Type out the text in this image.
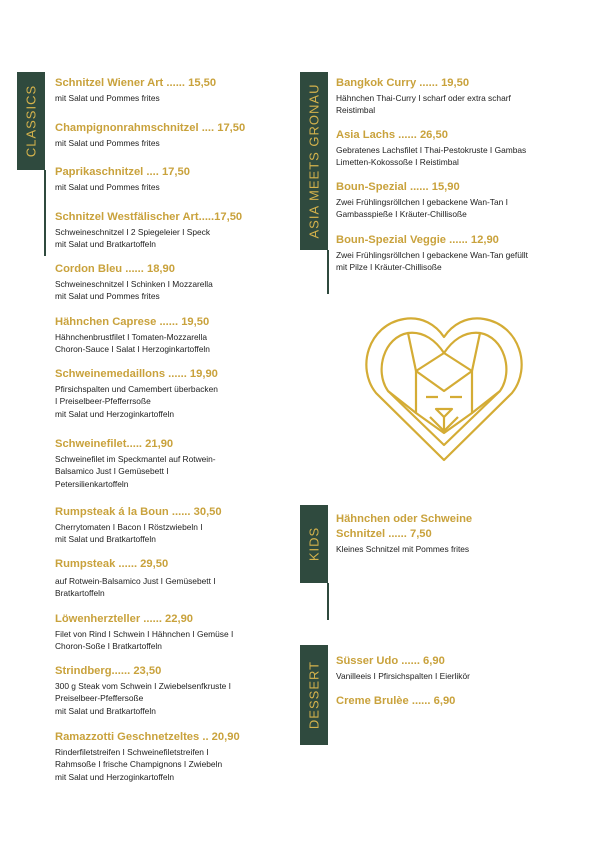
CLASSICS	ASIA MEETS GRONAU
KIDS
DESSERT
Schnitzel Wiener Art ...... 15,50
mit Salat und Pommes frites
Champignonrahmschnitzel .... 17,50
mit Salat und Pommes frites
Paprikaschnitzel .... 17,50
mit Salat und Pommes frites
Schnitzel Westfälischer Art.....17,50
Schweineschnitzel I 2 Spiegeleier I Speck
mit Salat und Bratkartoffeln
Cordon Bleu ...... 18,90
Schweineschnitzel I Schinken I Mozzarella
mit Salat und Pommes frites
Hähnchen Caprese ...... 19,50
Hähnchenbrustfilet I Tomaten-Mozzarella
Choron-Sauce I Salat I Herzoginkartoffeln
Schweinemedaillons ...... 19,90
Pfirsichspalten und Camembert überbacken
I Preiselbeer-Pfefferrsoße
mit Salat und Herzoginkartoffeln
Schweinefilet..... 21,90
Schweinefilet im Speckmantel auf Rotwein-
Balsamico Just I Gemüsebett I
Petersilienkartoffeln
Rumpsteak á la Boun ...... 30,50
Cherrytomaten I Bacon I Röstzwiebeln I
mit Salat und Bratkartoffeln
Rumpsteak ...... 29,50
auf Rotwein-Balsamico Just I Gemüsebett I
Bratkartoffeln
Löwenherzteller ...... 22,90
Filet von Rind I Schwein I Hähnchen I Gemüse I
Choron-Soße I Bratkartoffeln
Strindberg...... 23,50
300 g Steak vom Schwein I Zwiebelsenfkruste I
Preiselbeer-Pfeffersoße
mit Salat und Bratkartoffeln
Ramazzotti Geschnetzeltes .. 20,90
Rinderfiletstreifen I Schweinefiletstreifen I
Rahmsoße I frische Champignons I Zwiebeln
mit Salat und Herzoginkartoffeln
Bangkok Curry ...... 19,50
Hähnchen Thai-Curry I scharf oder extra scharf
Reistimbal
Asia Lachs ...... 26,50
Gebratenes Lachsfilet I Thai-Pestokruste I Gambas
Limetten-Kokossoße I Reistimbal
Boun-Spezial ...... 15,90
Zwei Frühlingsröllchen I gebackene Wan-Tan I
Gambasspieße I Kräuter-Chillisoße
Boun-Spezial Veggie ...... 12,90
Zwei Frühlingsröllchen I gebackene Wan-Tan gefüllt
mit Pilze I Kräuter-Chillisoße
Hähnchen oder Schweine
Schnitzel ...... 7,50
Kleines Schnitzel mit Pommes frites
Süsser Udo ...... 6,90
Vanilleeis I Pfirsichspalten I Eierlikör
Creme Brulèe ...... 6,90
